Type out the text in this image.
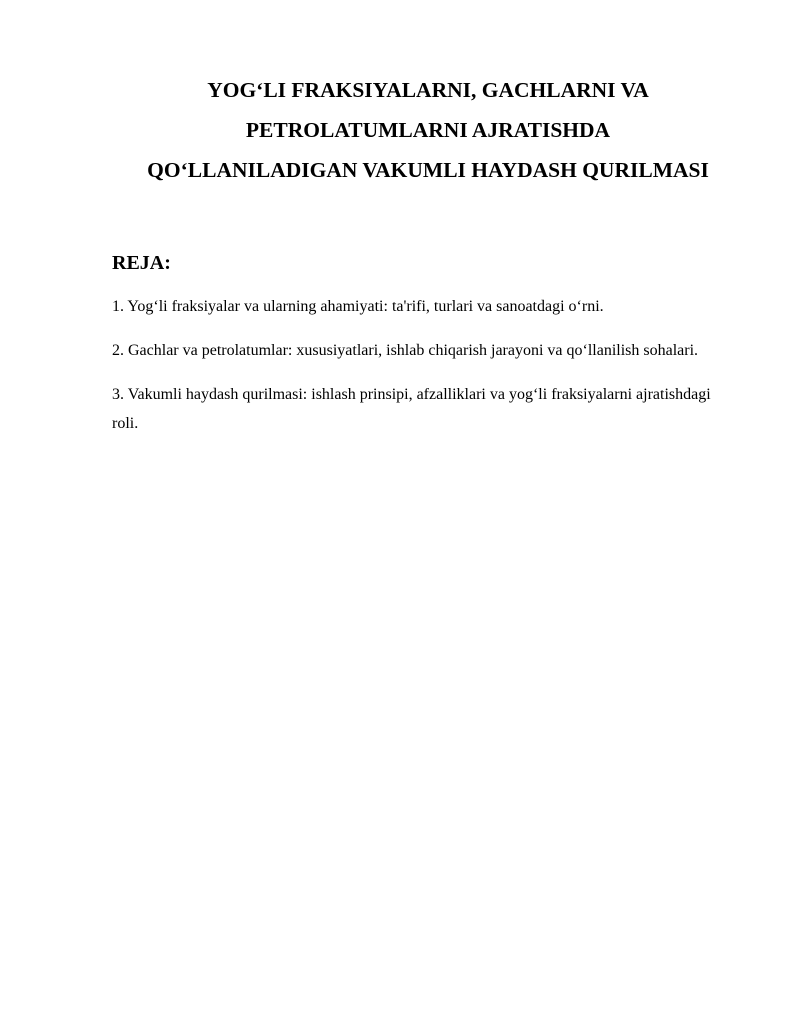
YOG‘LI FRAKSIYALARNI, GACHLARNI VA
PETROLATUMLARNI AJRATISHDA
QO‘LLANILADIGAN VAKUMLI HAYDASH QURILMASI
REJA:
1. Yog‘li fraksiyalar va ularning ahamiyati: ta'rifi, turlari va sanoatdagi o‘rni.
2. Gachlar va petrolatumlar: xususiyatlari, ishlab chiqarish jarayoni va qo‘llanilish sohalari.
3. Vakumli haydash qurilmasi: ishlash prinsipi, afzalliklari va yog‘li fraksiyalarni ajratishdagi roli.
